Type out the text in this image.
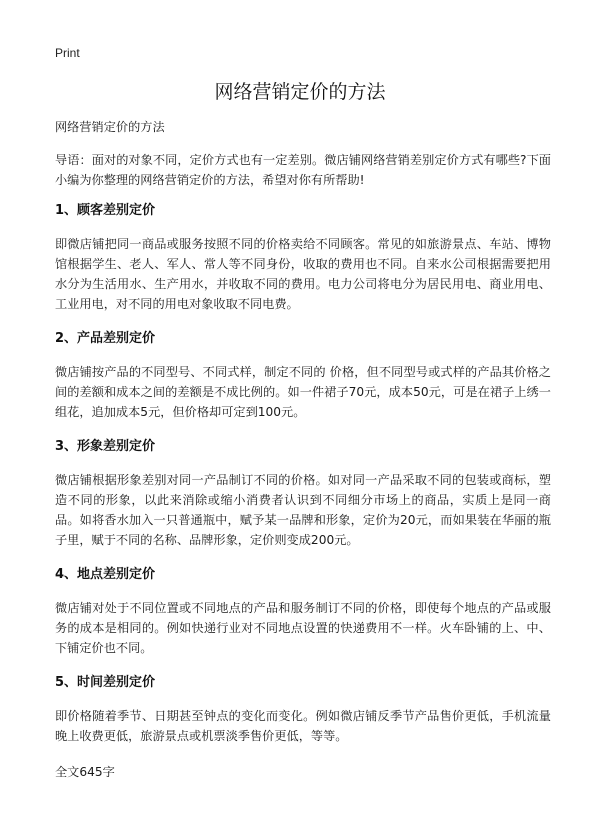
Print
网络营销定价的方法

网络营销定价的方法

导语：面对的对象不同，定价方式也有一定差别。微店铺网络营销差别定价方式有哪些?下面小编为你整理的网络营销定价的方法，希望对你有所帮助!

1、顾客差别定价

即微店铺把同一商品或服务按照不同的价格卖给不同顾客。常见的如旅游景点、车站、博物馆根据学生、老人、军人、常人等不同身份，收取的费用也不同。自来水公司根据需要把用水分为生活用水、生产用水，并收取不同的费用。电力公司将电分为居民用电、商业用电、工业用电，对不同的用电对象收取不同电费。

2、产品差别定价

微店铺按产品的不同型号、不同式样，制定不同的 价格，但不同型号或式样的产品其价格之间的差额和成本之间的差额是不成比例的。如一件裙子70元，成本50元，可是在裙子上绣一组花，追加成本5元，但价格却可定到100元。

3、形象差别定价

微店铺根据形象差别对同一产品制订不同的价格。如对同一产品采取不同的包装或商标，塑造不同的形象，以此来消除或缩小消费者认识到不同细分市场上的商品，实质上是同一商品。如将香水加入一只普通瓶中，赋予某一品牌和形象，定价为20元，而如果装在华丽的瓶子里，赋于不同的名称、品牌形象，定价则变成200元。

4、地点差别定价

微店铺对处于不同位置或不同地点的产品和服务制订不同的价格，即使每个地点的产品或服务的成本是相同的。例如快递行业对不同地点设置的快递费用不一样。火车卧铺的上、中、下铺定价也不同。

5、时间差别定价

即价格随着季节、日期甚至钟点的变化而变化。例如微店铺反季节产品售价更低，手机流量晚上收费更低，旅游景点或机票淡季售价更低，等等。

全文645字
